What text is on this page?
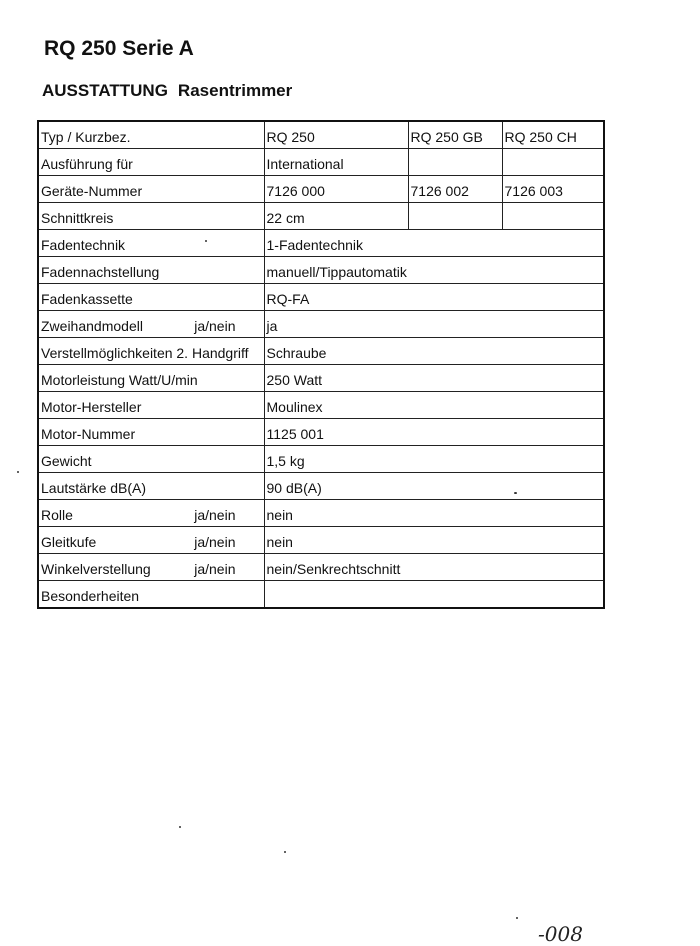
RQ 250 Serie A
AUSSTATTUNG Rasentrimmer
Typ / Kurzbez.	RQ 250	RQ 250 GB	RQ 250 CH
Ausführung für	International		
Geräte-Nummer	7126 000	7126 002	7126 003
Schnittkreis	22 cm		

Fadentechnik	1-Fadentechnik		

Fadennachstellung	manuell/Tippautomatik		

Fadenkassette	RQ-FA		

Zweihandmodell ja/nein	ja		

Verstellmöglichkeiten 2. Handgriff	Schraube		

Motorleistung Watt/U/min	250 Watt		

Motor-Hersteller	Moulinex		

Motor-Nummer	1125 001		

Gewicht	1,5 kg		

Lautstärke dB(A)	90 dB(A)		

Rolle ja/nein	nein		

Gleitkufe ja/nein	nein		

Winkelverstellung ja/nein	nein/Senkrechtschnitt		

Besonderheiten			

-008
